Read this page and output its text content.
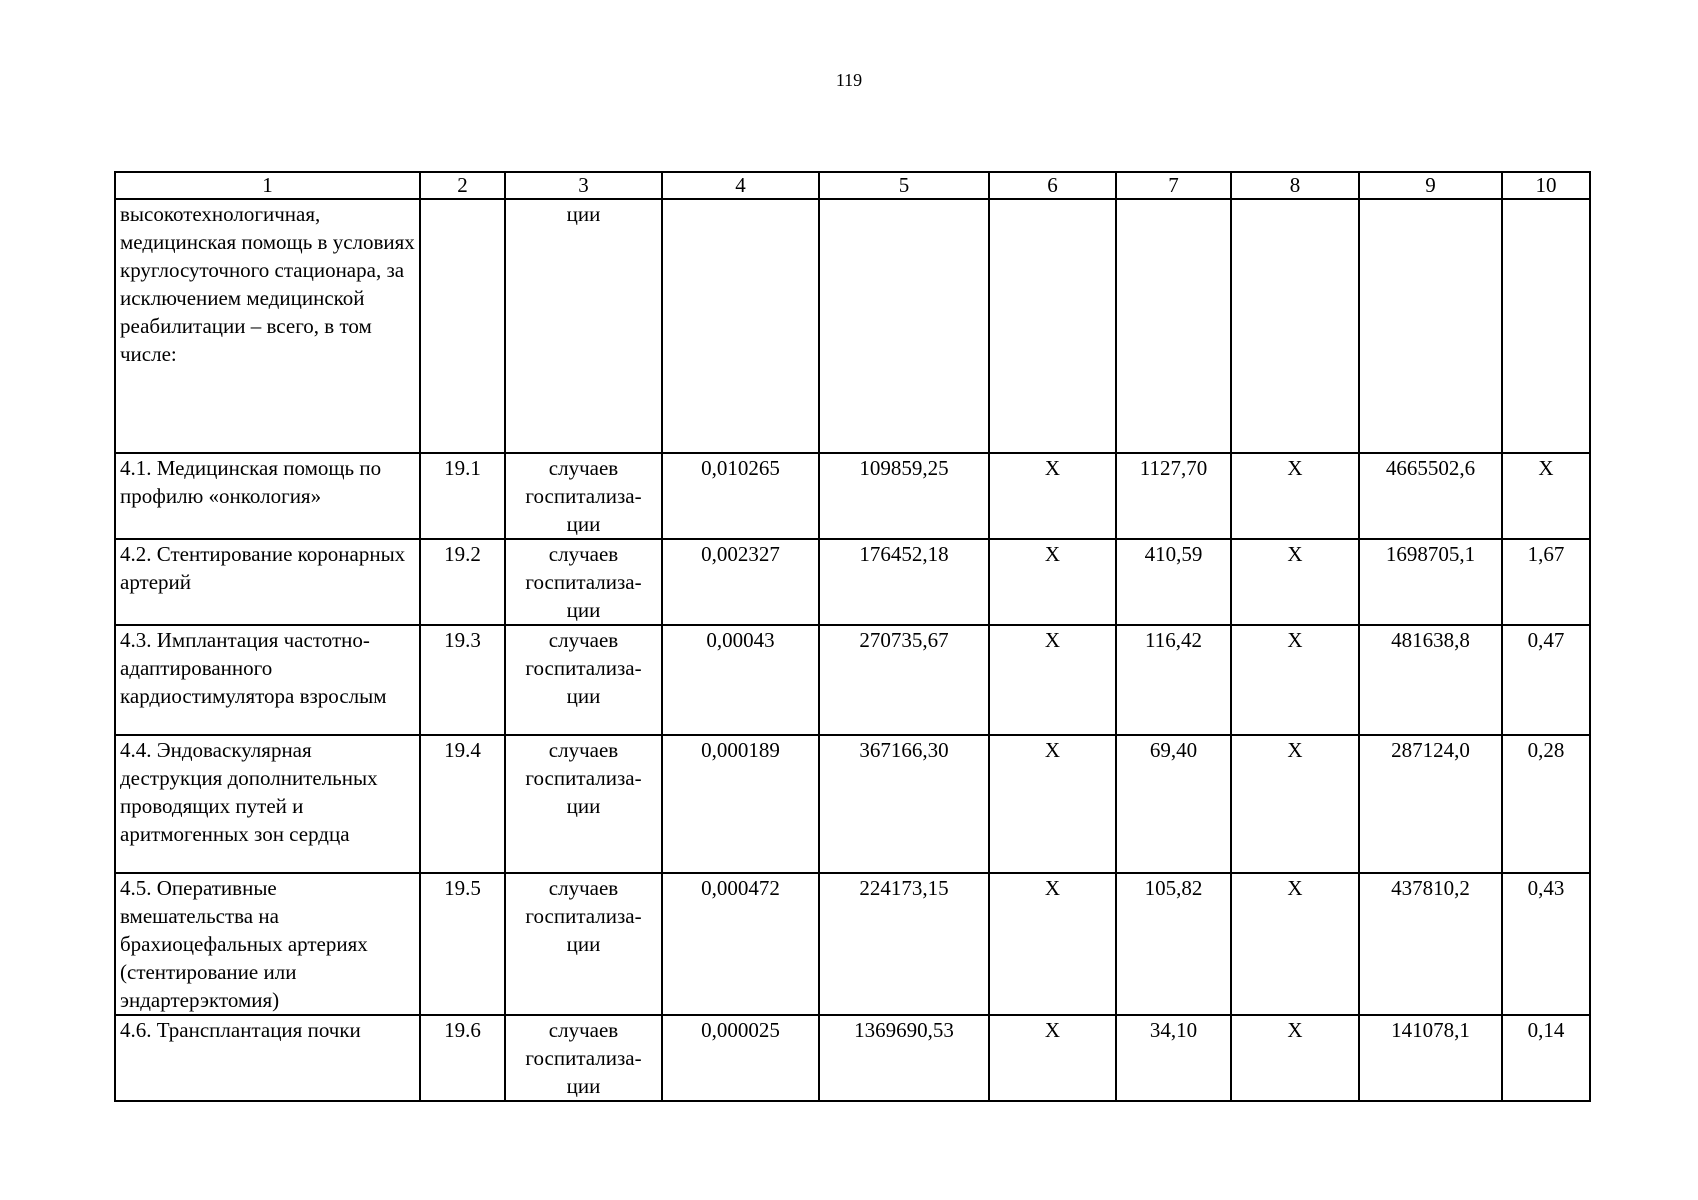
119
1	2	3	4	5	6	7	8	9	10
высокотехнологичная, медицинская помощь в условиях круглосуточного стационара, за исключением медицинской реабилитации – всего, в том числе:		ции							
4.1. Медицинская помощь по профилю «онкология»	19.1	случаев госпитализа-ции	0,010265	109859,25	X	1127,70	X	4665502,6	X
4.2. Стентирование коронарных артерий	19.2	случаев госпитализа-ции	0,002327	176452,18	X	410,59	X	1698705,1	1,67
4.3. Имплантация частотно-адаптированного кардиостимулятора взрослым	19.3	случаев госпитализа-ции	0,00043	270735,67	X	116,42	X	481638,8	0,47
4.4. Эндоваскулярная деструкция дополнительных проводящих путей и аритмогенных зон сердца	19.4	случаев госпитализа-ции	0,000189	367166,30	X	69,40	X	287124,0	0,28
4.5. Оперативные вмешательства на брахиоцефальных артериях (стентирование или эндартерэктомия)	19.5	случаев госпитализа-ции	0,000472	224173,15	X	105,82	X	437810,2	0,43
4.6. Трансплантация почки	19.6	случаев госпитализа-ции	0,000025	1369690,53	X	34,10	X	141078,1	0,14
